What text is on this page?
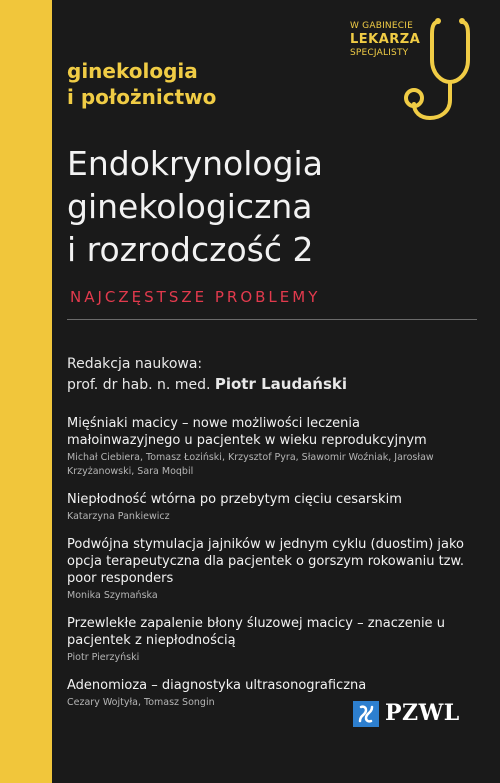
ginekologia
i położnictwo
W GABINECIE
LEKARZA
SPECJALISTY
Endokrynologia
ginekologiczna
i rozrodczość 2
NAJCZĘSTSZE PROBLEMY
Redakcja naukowa:
prof. dr hab. n. med. Piotr Laudański
Mięśniaki macicy – nowe możliwości leczenia małoinwazyjnego u pacjentek w wieku reprodukcyjnym
Michał Ciebiera, Tomasz Łoziński, Krzysztof Pyra, Sławomir Woźniak, Jarosław Krzyżanowski, Sara Moqbil
Niepłodność wtórna po przebytym cięciu cesarskim
Katarzyna Pankiewicz
Podwójna stymulacja jajników w jednym cyklu (duostim) jako opcja terapeutyczna dla pacjentek o gorszym rokowaniu tzw. poor responders
Monika Szymańska
Przewlekłe zapalenie błony śluzowej macicy – znaczenie u pacjentek z niepłodnością
Piotr Pierzyński
Adenomioza – diagnostyka ultrasonograficzna
Cezary Wojtyła, Tomasz Songin	PZWL
